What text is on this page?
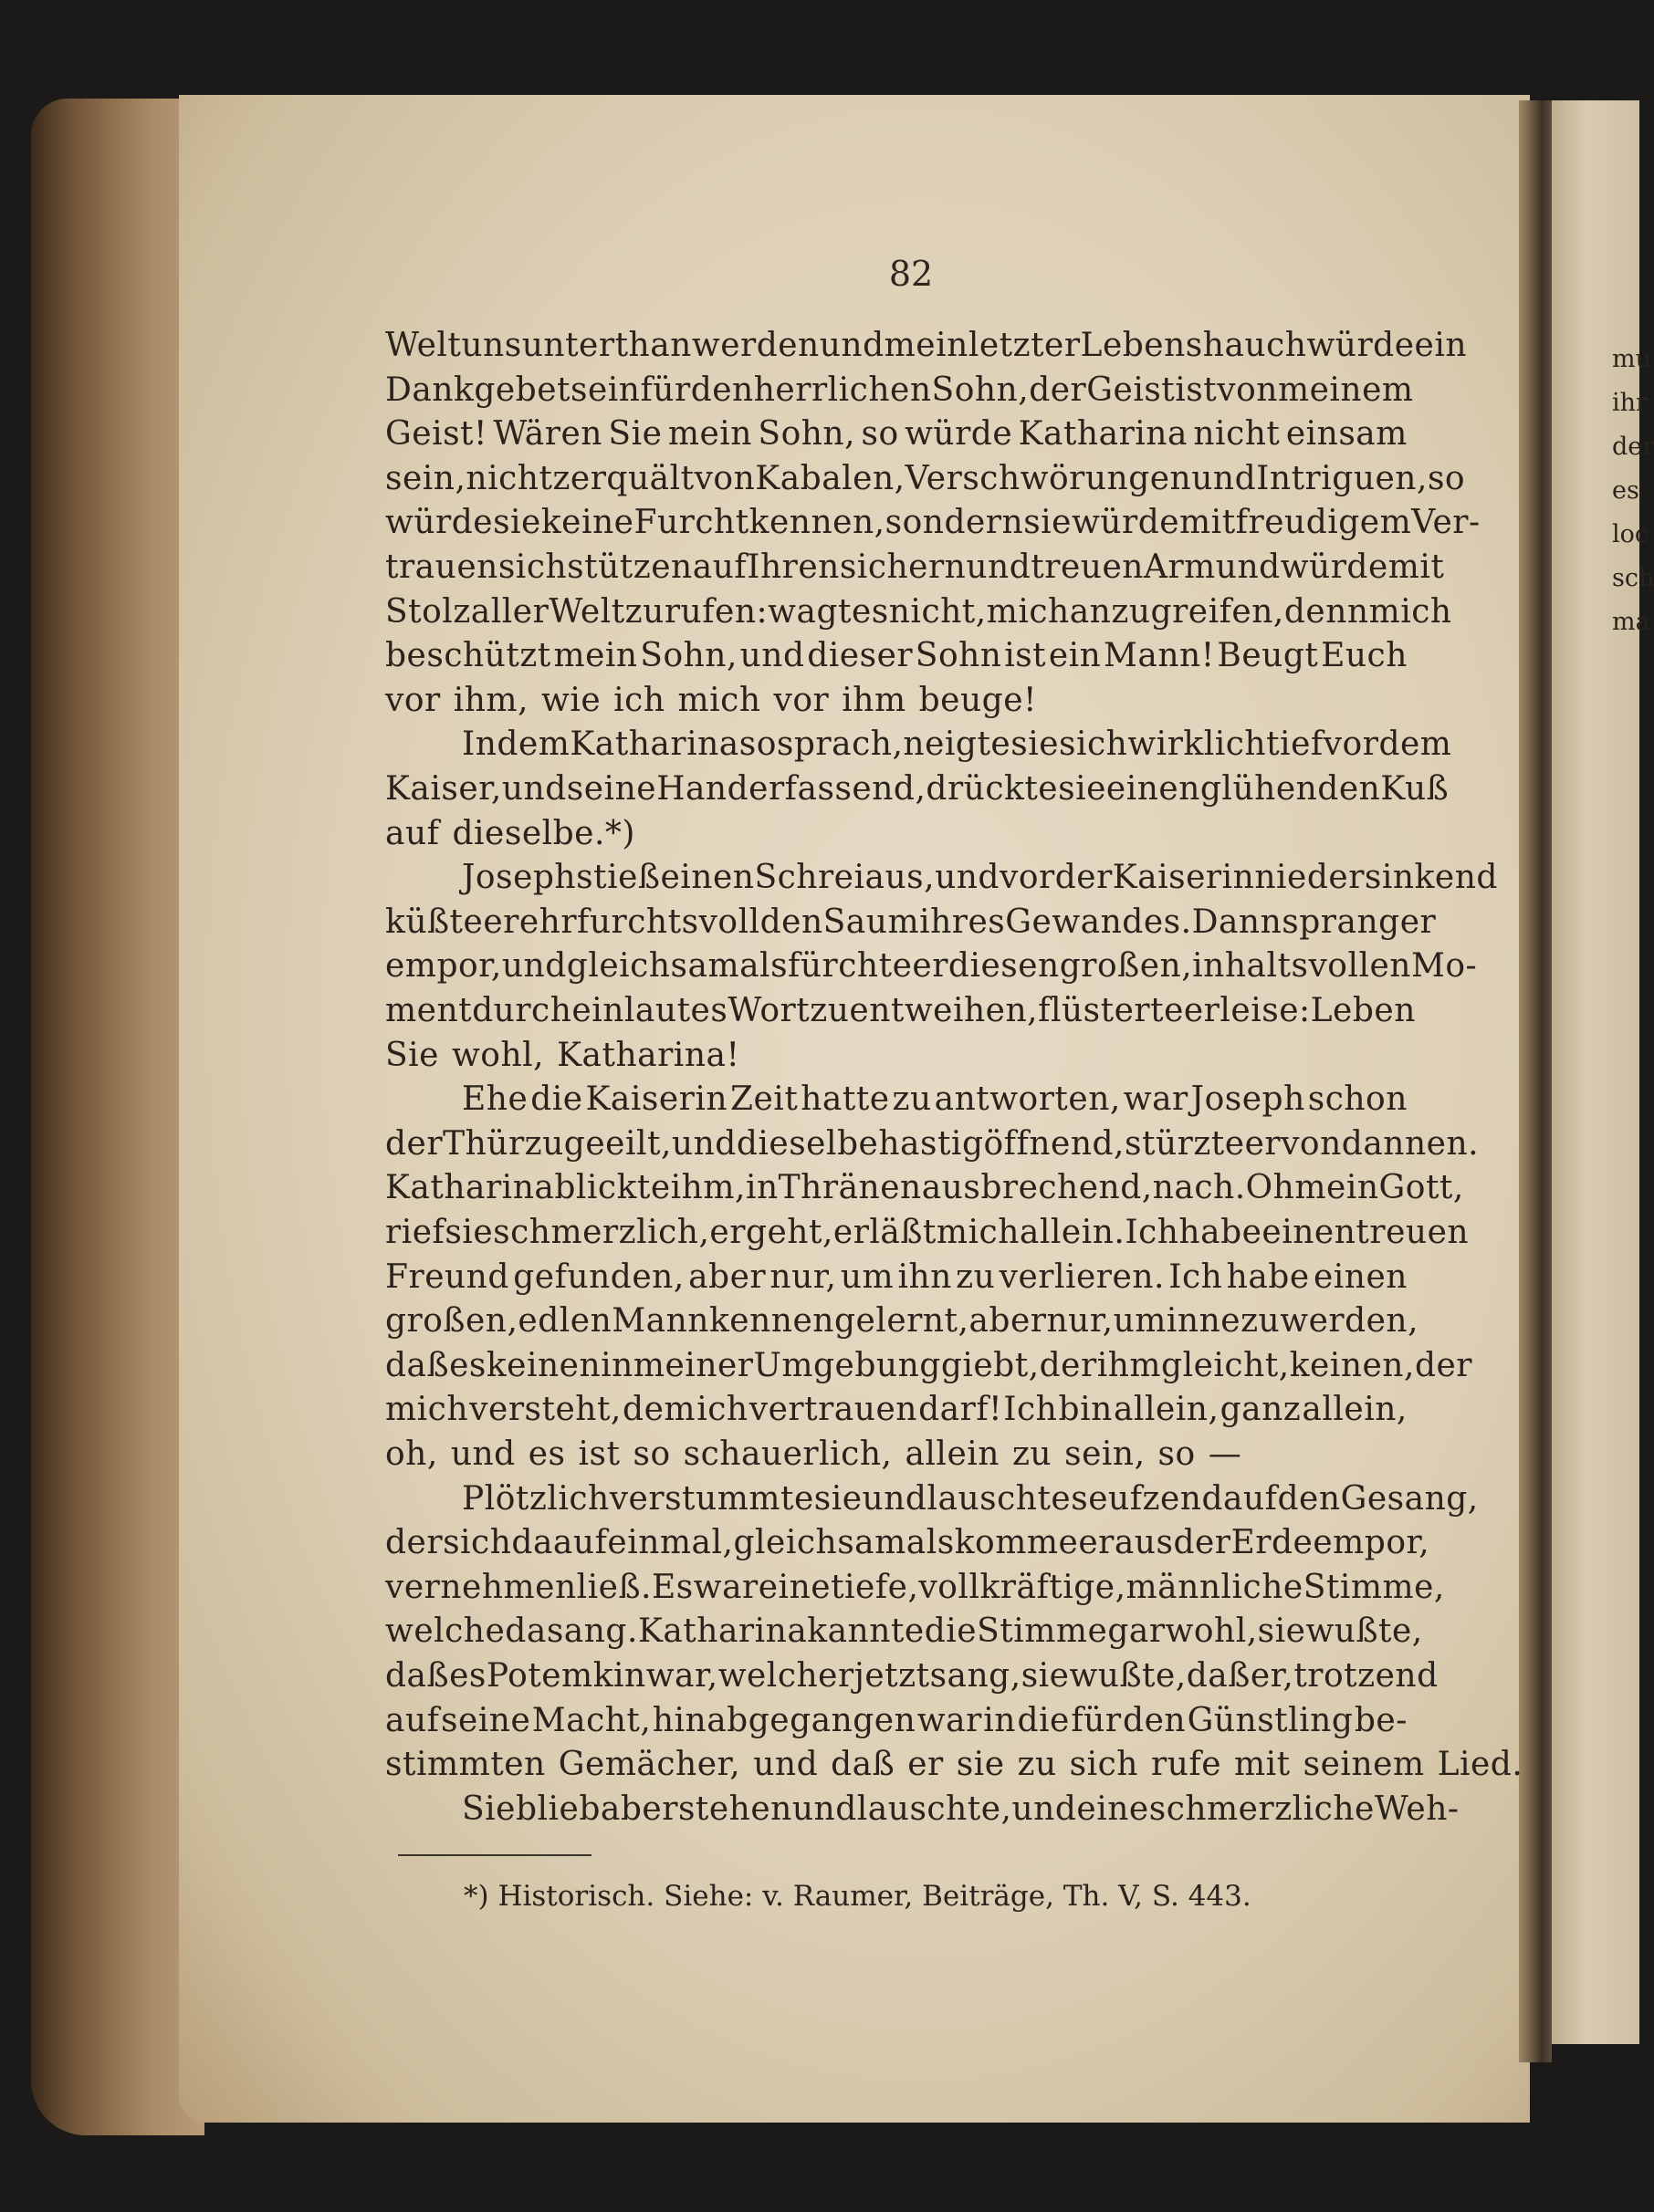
mu
ihr
der
es
loc
sch
ma
82
Welt uns unterthan werden und mein letzter Lebenshauch würde ein
Dankgebet sein für den herrlichen Sohn, der Geist ist von meinem
Geist! Wären Sie mein Sohn, so würde Katharina nicht einsam
sein, nicht zerquält von Kabalen, Verschwörungen und Intriguen, so
würde sie keine Furcht kennen, sondern sie würde mit freudigem Ver-
trauen sich stützen auf Ihren sichern und treuen Arm und würde mit
Stolz aller Welt zurufen: wagt es nicht, mich anzugreifen, denn mich
beschützt mein Sohn, und dieser Sohn ist ein Mann! Beugt Euch
vor ihm, wie ich mich vor ihm beuge!
Indem Katharina so sprach, neigte sie sich wirklich tief vor dem
Kaiser, und seine Hand erfassend, drückte sie einen glühenden Kuß
auf dieselbe.*)
Joseph stieß einen Schrei aus, und vor der Kaiserin niedersinkend
küßte er ehrfurchtsvoll den Saum ihres Gewandes. Dann sprang er
empor, und gleichsam als fürchte er diesen großen, inhaltsvollen Mo-
ment durch ein lautes Wort zu entweihen, flüsterte er leise: Leben
Sie wohl, Katharina!
Ehe die Kaiserin Zeit hatte zu antworten, war Joseph schon
der Thür zugeeilt, und dieselbe hastig öffnend, stürzte er von dannen.
Katharina blickte ihm, in Thränen ausbrechend, nach. Oh mein Gott,
rief sie schmerzlich, er geht, er läßt mich allein. Ich habe einen treuen
Freund gefunden, aber nur, um ihn zu verlieren. Ich habe einen
großen, edlen Mann kennen gelernt, aber nur, um inne zu werden,
daß es keinen in meiner Umgebung giebt, der ihm gleicht, keinen, der
mich versteht, dem ich vertrauen darf! Ich bin allein, ganz allein,
oh, und es ist so schauerlich, allein zu sein, so —
Plötzlich verstummte sie und lauschte seufzend auf den Gesang,
der sich da auf einmal, gleichsam als komme er aus der Erde empor,
vernehmen ließ. Es war eine tiefe, vollkräftige, männliche Stimme,
welche da sang. Katharina kannte die Stimme gar wohl, sie wußte,
daß es Potemkin war, welcher jetzt sang, sie wußte, daß er, trotzend
auf seine Macht, hinabgegangen war in die für den Günstling be-
stimmten Gemächer, und daß er sie zu sich rufe mit seinem Lied.
Sie blieb aber stehen und lauschte, und eine schmerzliche Weh-
*) Historisch. Siehe: v. Raumer, Beiträge, Th. V, S. 443.
